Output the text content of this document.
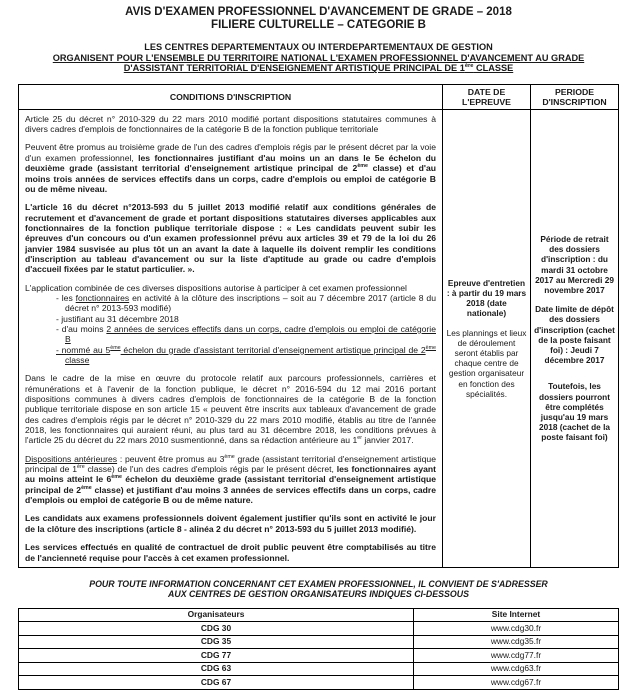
AVIS D'EXAMEN PROFESSIONNEL D'AVANCEMENT DE GRADE – 2018
FILIERE CULTURELLE – CATEGORIE B
LES CENTRES DEPARTEMENTAUX OU INTERDEPARTEMENTAUX DE GESTION
ORGANISENT POUR L'ENSEMBLE DU TERRITOIRE NATIONAL L'EXAMEN PROFESSIONNEL D'AVANCEMENT AU GRADE
D'ASSISTANT TERRITORIAL D'ENSEIGNEMENT ARTISTIQUE PRINCIPAL DE 1ère CLASSE
CONDITIONS D'INSCRIPTION	DATE DE L'EPREUVE	PERIODE D'INSCRIPTION

Article 25 du décret n° 2010-329 du 22 mars 2010 modifié portant dispositions statutaires communes à divers cadres d'emplois de fonctionnaires de la catégorie B de la fonction publique territoriale
Peuvent être promus au troisième grade de l'un des cadres d'emplois régis par le présent décret par la voie d'un examen professionnel, les fonctionnaires justifiant d'au moins un an dans le 5e échelon du deuxième grade (assistant territorial d'enseignement artistique principal de 2ème classe) et d'au moins trois années de services effectifs dans un corps, cadre d'emplois ou emploi de catégorie B ou de même niveau.
L'article 16 du décret n°2013-593 du 5 juillet 2013 modifié relatif aux conditions générales de recrutement et d'avancement de grade et portant dispositions statutaires diverses applicables aux fonctionnaires de la fonction publique territoriale dispose : « Les candidats peuvent subir les épreuves d'un concours ou d'un examen professionnel prévu aux articles 39 et 79 de la loi du 26 janvier 1984 susvisée au plus tôt un an avant la date à laquelle ils doivent remplir les conditions d'inscription au tableau d'avancement ou sur la liste d'aptitude au grade ou cadre d'emplois d'accueil fixées par le statut particulier. ».
L'application combinée de ces diverses dispositions autorise à participer à cet examen professionnel
- les fonctionnaires en activité à la clôture des inscriptions – soit au 7 décembre 2017 (article 8 du décret n° 2013-593 modifié)
- justifiant au 31 décembre 2018
- d'au moins 2 années de services effectifs dans un corps, cadre d'emplois ou emploi de catégorie B
- nommé au 5ème échelon du grade d'assistant territorial d'enseignement artistique principal de 2ème classe
Dans le cadre de la mise en œuvre du protocole relatif aux parcours professionnels, carrières et rémunérations et à l'avenir de la fonction publique, le décret n° 2016-594 du 12 mai 2016 portant dispositions communes à divers cadres d'emplois de fonctionnaires de la catégorie B de la fonction publique territoriale dispose en son article 15 « peuvent être inscrits aux tableaux d'avancement de grade des cadres d'emplois régis par le décret n° 2010-329 du 22 mars 2010 modifié, établis au titre de l'année 2018, les fonctionnaires qui auraient réuni, au plus tard au 31 décembre 2018, les conditions prévues à l'article 25 du décret du 22 mars 2010 susmentionné, dans sa rédaction antérieure au 1er janvier 2017.
Dispositions antérieures : peuvent être promus au 3ème grade (assistant territorial d'enseignement artistique principal de 1ère classe) de l'un des cadres d'emplois régis par le présent décret, les fonctionnaires ayant au moins atteint le 6ème échelon du deuxième grade (assistant territorial d'enseignement artistique principal de 2ème classe) et justifiant d'au moins 3 années de services effectifs dans un corps, cadre d'emplois ou emploi de catégorie B ou de même nature.
Les candidats aux examens professionnels doivent également justifier qu'ils sont en activité le jour de la clôture des inscriptions (article 8 - alinéa 2 du décret n° 2013-593 du 5 juillet 2013 modifié).
Les services effectués en qualité de contractuel de droit public peuvent être comptabilisés au titre de l'ancienneté requise pour l'accès à cet examen professionnel.

Epreuve d'entretien : à partir du 19 mars 2018 (date nationale)
Les plannings et lieux de déroulement seront établis par chaque centre de gestion organisateur en fonction des spécialités.

Période de retrait des dossiers d'inscription : du mardi 31 octobre 2017 au Mercredi 29 novembre 2017
Date limite de dépôt des dossiers d'inscription (cachet de la poste faisant foi) : Jeudi 7 décembre 2017
Toutefois, les dossiers pourront être complétés jusqu'au 19 mars 2018 (cachet de la poste faisant foi)
POUR TOUTE INFORMATION CONCERNANT CET EXAMEN PROFESSIONNEL, IL CONVIENT DE S'ADRESSER
AUX CENTRES DE GESTION ORGANISATEURS INDIQUES CI-DESSOUS
Organisateurs	Site Internet
CDG 30	www.cdg30.fr
CDG 35	www.cdg35.fr
CDG 77	www.cdg77.fr
CDG 63	www.cdg63.fr
CDG 67	www.cdg67.fr
